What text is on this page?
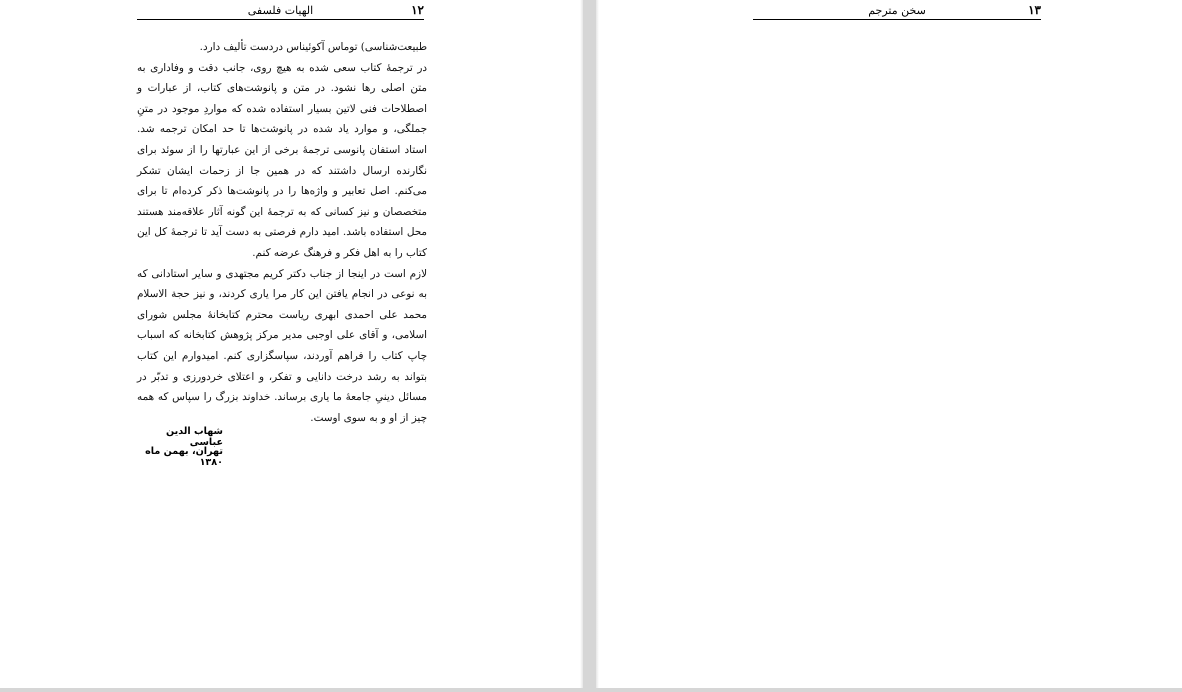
۱۲
الهیات فلسفی

طبیعت‌شناسی) توماس آکوئیناس دردست تألیف دارد.

در ترجمهٔ کتاب سعی شده به هیچ روی، جانب دقت و وفاداری به متن اصلی رها نشود. در متن و پانوشت‌های کتاب، از عبارات و اصطلاحات فنی لاتین بسیار استفاده شده که مواردِ موجود در متنِ جملگی، و موارد یاد شده در پانوشت‌ها تا حد امکان ترجمه شد. استاد استفان پانوسی ترجمهٔ برخی از این عبارتها را از سوئد برای نگارنده ارسال داشتند که در همین جا از زحمات ایشان تشکر می‌کنم. اصل تعابیر و واژه‌ها را در پانوشت‌ها ذکر کرده‌ام تا برای متخصصان و نیز کسانی که به ترجمهٔ این گونه آثار علاقه‌مند هستند محل استفاده باشد. امید دارم فرصتی به دست آید تا ترجمهٔ کل این کتاب را به اهل فکر و فرهنگ عرضه کنم.

لازم است در اینجا از جناب دکتر کریم مجتهدی و سایر استادانی که به نوعی در انجام یافتن این کار مرا یاری کردند، و نیز حجة الاسلام محمد علی احمدی ابهری ریاست محترم کتابخانهٔ مجلس شورای اسلامی، و آقای علی اوجبی مدیر مرکز پژوهش کتابخانه که اسباب چاپ کتاب را فراهم آوردند، سپاسگزاری کنم. امیدوارم این کتاب بتواند به رشد درخت دانایی و تفکر، و اعتلای خردورزی و تدبّر در مسائل دینیِ جامعهٔ ما یاری برساند. خداوند بزرگ را سپاس که همه چیز از او و به سوی اوست.

شهاب الدین عباسی
تهران، بهمن ماه ۱۳۸۰
۱۳
سخن مترجم
